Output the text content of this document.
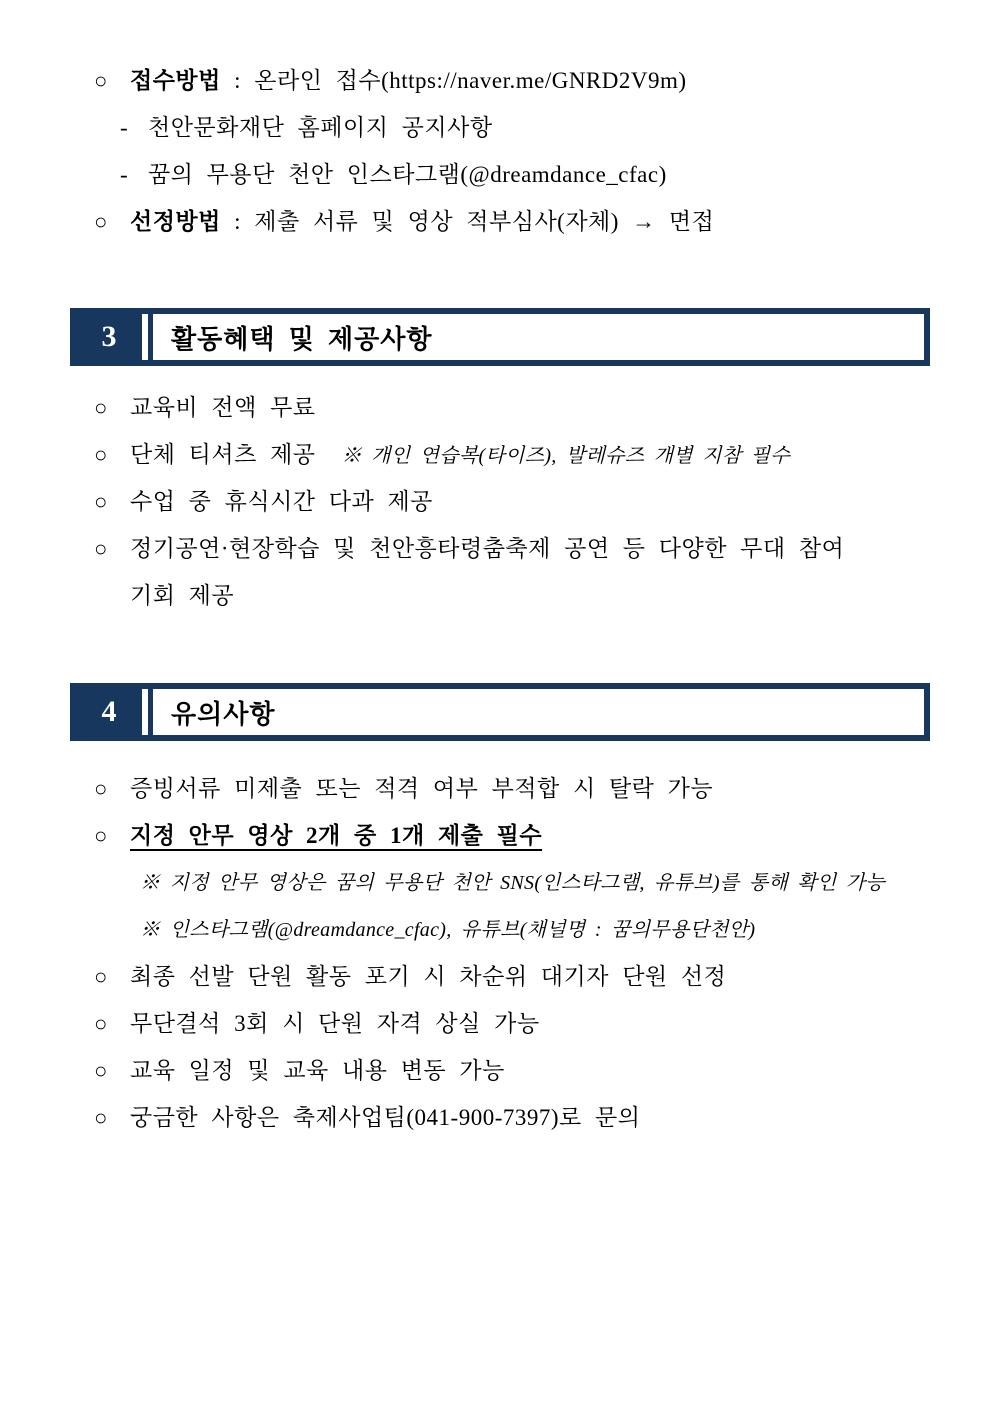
○ 접수방법 : 온라인 접수(https://naver.me/GNRD2V9m)
- 천안문화재단 홈페이지 공지사항
- 꿈의 무용단 천안 인스타그램(@dreamdance_cfac)
○ 선정방법 : 제출 서류 및 영상 적부심사(자체) → 면접
3	활동혜택 및 제공사항
○ 교육비 전액 무료
○ 단체 티셔츠 제공 ※ 개인 연습복(타이즈), 발레슈즈 개별 지참 필수
○ 수업 중 휴식시간 다과 제공
○ 정기공연·현장학습 및 천안흥타령춤축제 공연 등 다양한 무대 참여
기회 제공
4	유의사항
○ 증빙서류 미제출 또는 적격 여부 부적합 시 탈락 가능
○ 지정 안무 영상 2개 중 1개 제출 필수
※ 지정 안무 영상은 꿈의 무용단 천안 SNS(인스타그램, 유튜브)를 통해 확인 가능
※ 인스타그램(@dreamdance_cfac), 유튜브(채널명 : 꿈의무용단천안)
○ 최종 선발 단원 활동 포기 시 차순위 대기자 단원 선정
○ 무단결석 3회 시 단원 자격 상실 가능
○ 교육 일정 및 교육 내용 변동 가능
○ 궁금한 사항은 축제사업팀(041-900-7397)로 문의
